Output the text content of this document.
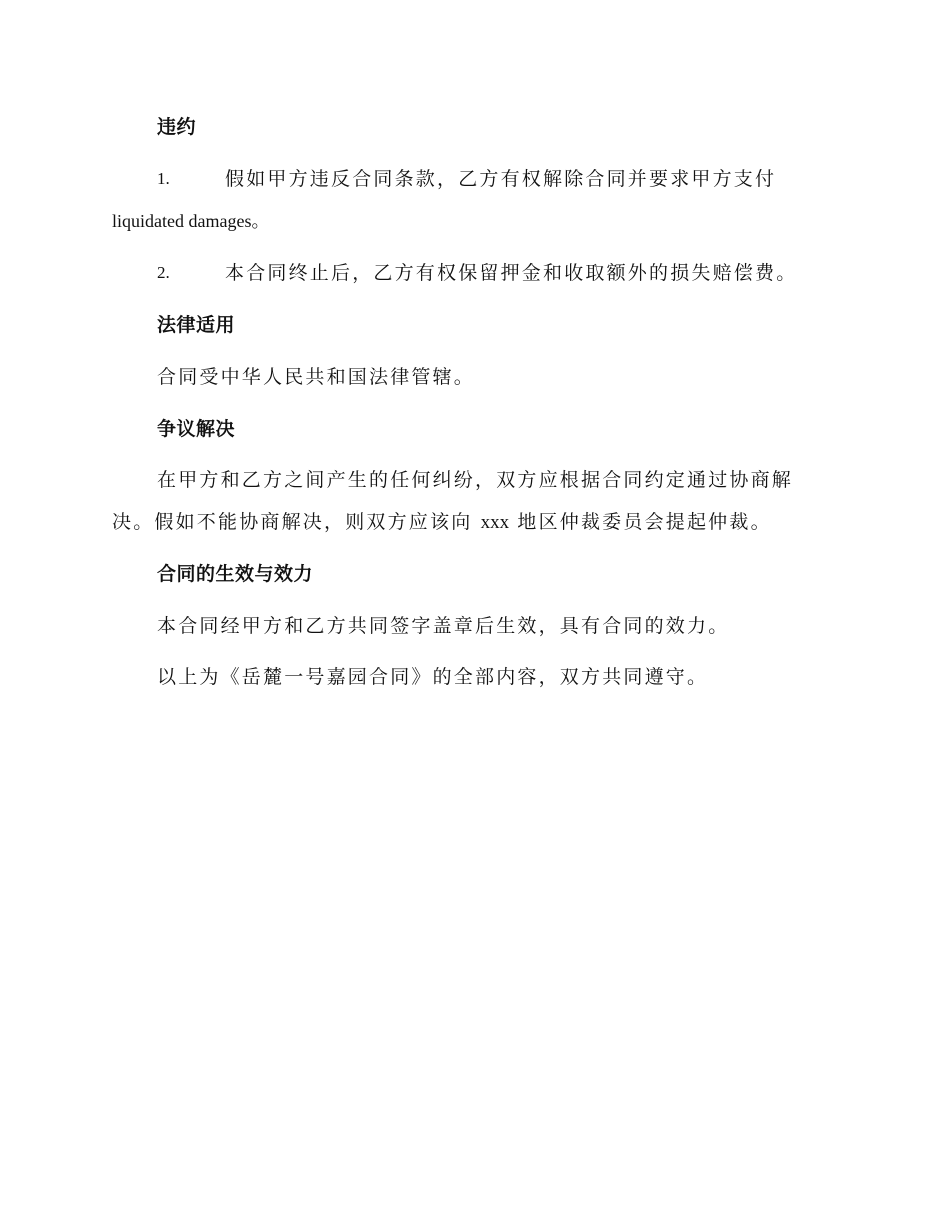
违约
1.	假如甲方违反合同条款，乙方有权解除合同并要求甲方支付
liquidated damages。
2.	本合同终止后，乙方有权保留押金和收取额外的损失赔偿费。
法律适用
合同受中华人民共和国法律管辖。
争议解决
在甲方和乙方之间产生的任何纠纷，双方应根据合同约定通过协商解
决。假如不能协商解决，则双方应该向 xxx 地区仲裁委员会提起仲裁。
合同的生效与效力
本合同经甲方和乙方共同签字盖章后生效，具有合同的效力。
以上为《岳麓一号嘉园合同》的全部内容，双方共同遵守。
